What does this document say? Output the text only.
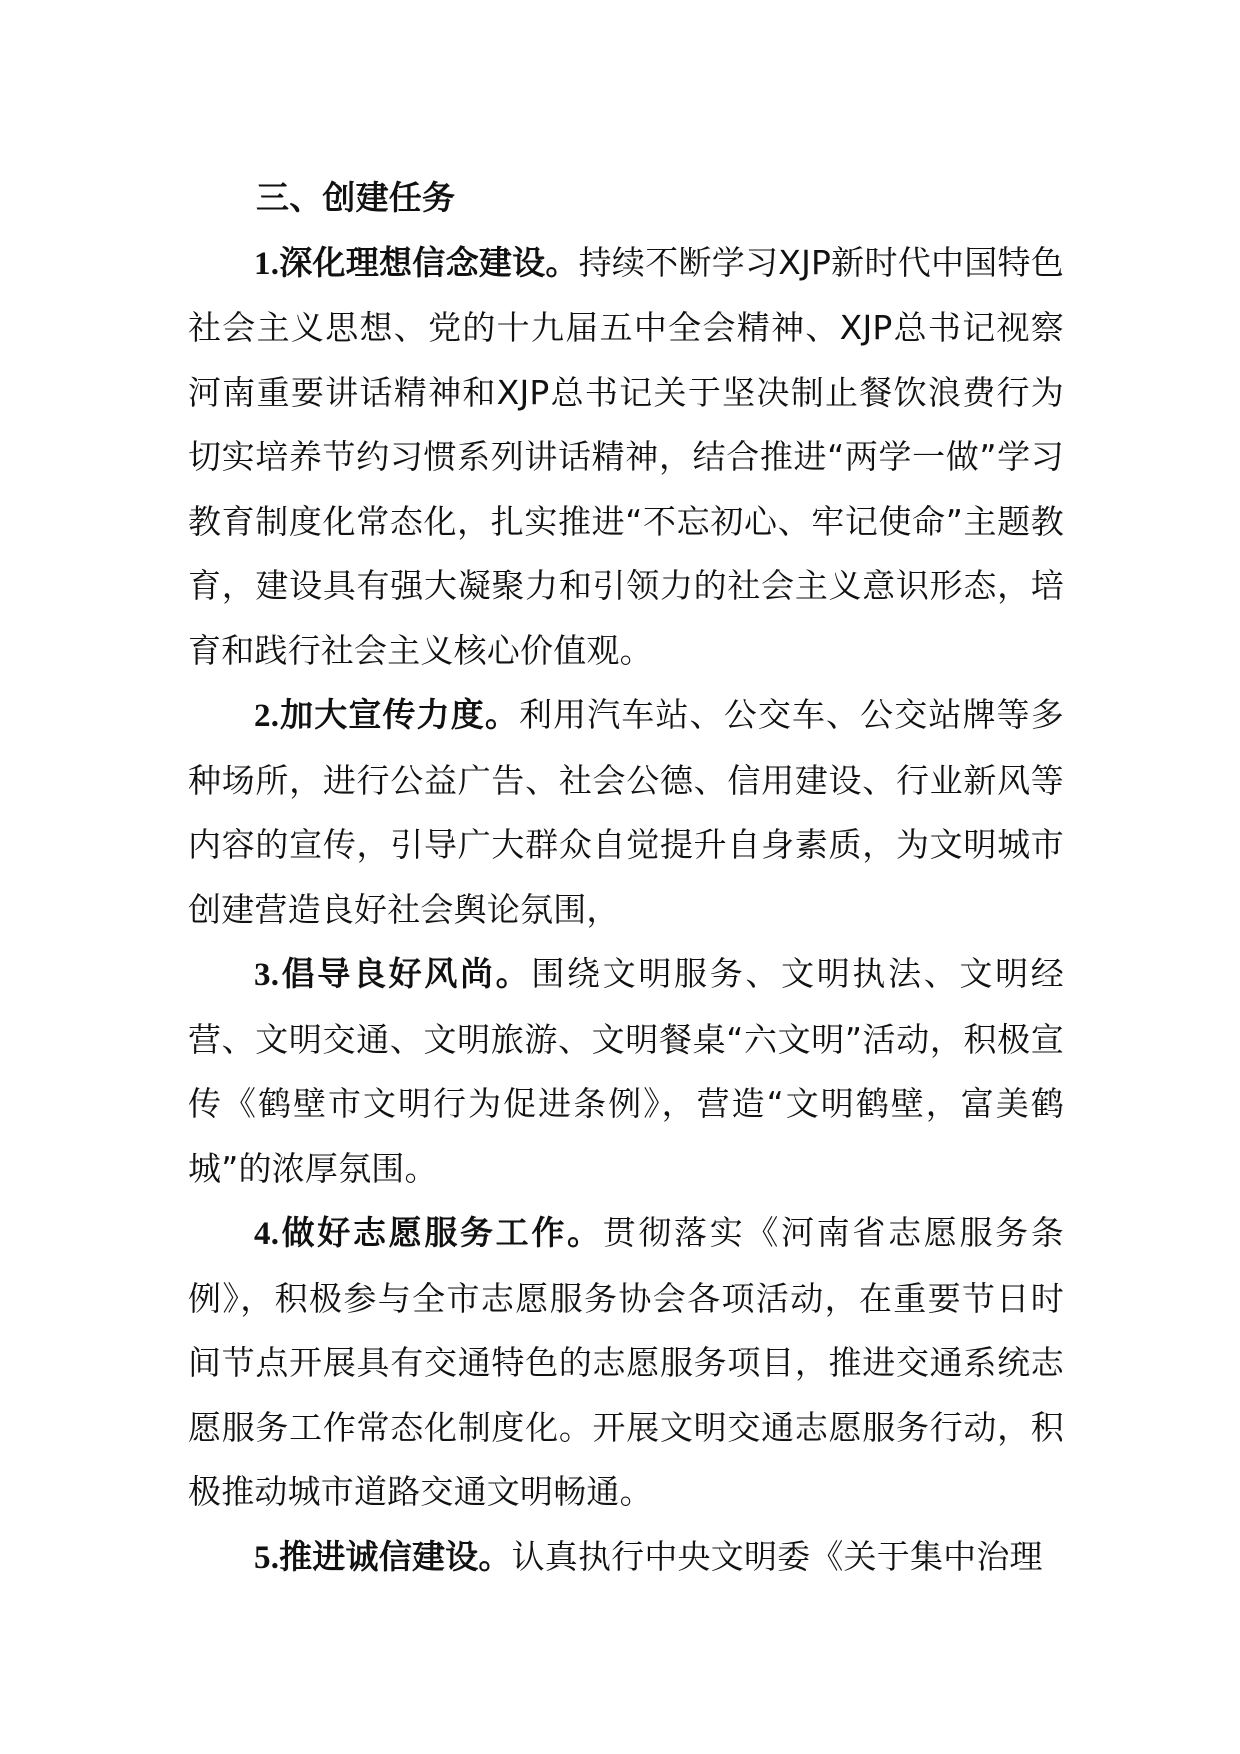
三、创建任务

1.深化理想信念建设。持续不断学习XJP新时代中国特色社会主义思想、党的十九届五中全会精神、XJP总书记视察河南重要讲话精神和XJP总书记关于坚决制止餐饮浪费行为切实培养节约习惯系列讲话精神，结合推进“两学一做”学习教育制度化常态化，扎实推进“不忘初心、牢记使命”主题教育，建设具有强大凝聚力和引领力的社会主义意识形态，培育和践行社会主义核心价值观。

2.加大宣传力度。利用汽车站、公交车、公交站牌等多种场所，进行公益广告、社会公德、信用建设、行业新风等内容的宣传，引导广大群众自觉提升自身素质，为文明城市创建营造良好社会舆论氛围，

3.倡导良好风尚。围绕文明服务、文明执法、文明经营、文明交通、文明旅游、文明餐桌“六文明”活动，积极宣传《鹤壁市文明行为促进条例》，营造“文明鹤壁，富美鹤城”的浓厚氛围。

4.做好志愿服务工作。贯彻落实《河南省志愿服务条例》，积极参与全市志愿服务协会各项活动，在重要节日时间节点开展具有交通特色的志愿服务项目，推进交通系统志愿服务工作常态化制度化。开展文明交通志愿服务行动，积极推动城市道路交通文明畅通。

5.推进诚信建设。认真执行中央文明委《关于集中治理
